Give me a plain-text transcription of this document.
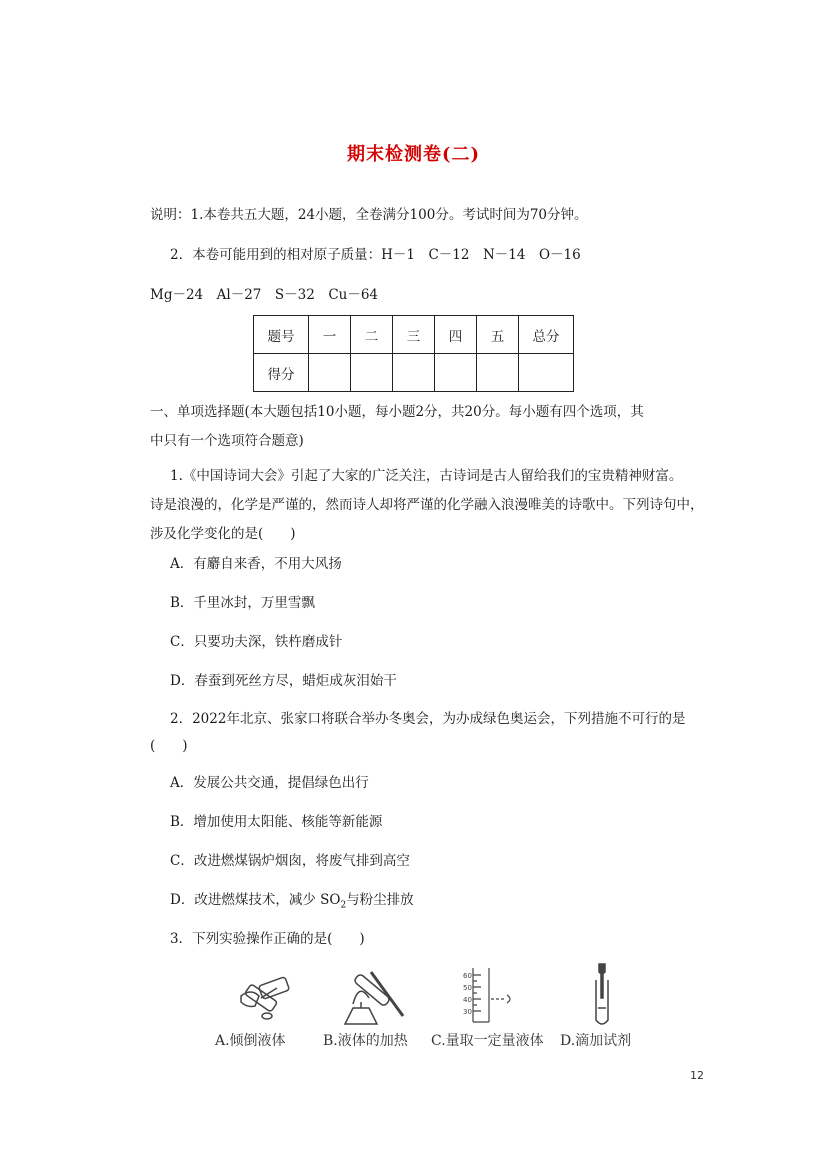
期末检测卷(二)
说明：1.本卷共五大题，24小题，全卷满分100分。考试时间为70分钟。
2．本卷可能用到的相对原子质量：H－1　C－12　N－14　O－16
Mg－24　Al－27　S－32　Cu－64
题号	一	二	三	四	五	总分
得分						
一、单项选择题(本大题包括10小题，每小题2分，共20分。每小题有四个选项，其
中只有一个选项符合题意)
1.《中国诗词大会》引起了大家的广泛关注，古诗词是古人留给我们的宝贵精神财富。
诗是浪漫的，化学是严谨的，然而诗人却将严谨的化学融入浪漫唯美的诗歌中。下列诗句中，
涉及化学变化的是(　　)
A．有麝自来香，不用大风扬
B．千里冰封，万里雪飘
C．只要功夫深，铁杵磨成针
D．春蚕到死丝方尽，蜡炬成灰泪始干
2．2022年北京、张家口将联合举办冬奥会，为办成绿色奥运会，下列措施不可行的是
(　　)
A．发展公共交通，提倡绿色出行
B．增加使用太阳能、核能等新能源
C．改进燃煤锅炉烟囱，将废气排到高空
D．改进燃煤技术，减少 $SO_2$与粉尘排放
3．下列实验操作正确的是(　　)
A.倾倒液体	B.液体的加热
60
50
40
30
C.量取一定量液体 D.滴加试剂
12
